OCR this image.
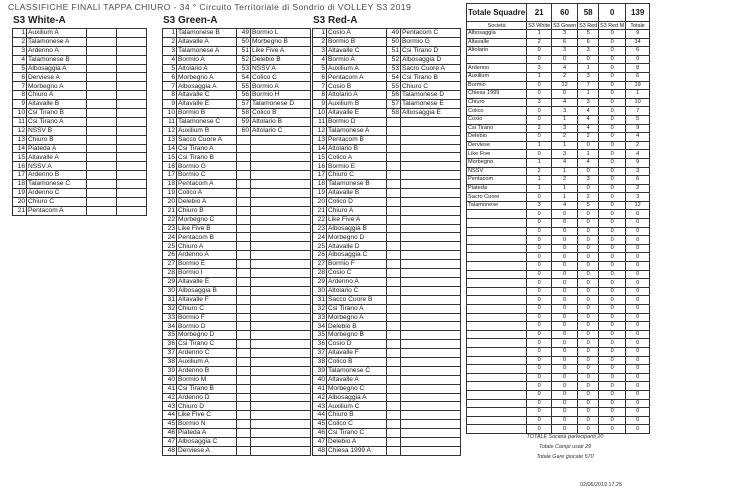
CLASSIFICHE FINALI TAPPA CHIURO - 34 ° Circuito Territoriale di Sondrio di VOLLEY S3 2019
S3 White-A	S3 Green-A	S3 Red-A
1	Auxilium A		
2	Talamonese A		
3	Ardenno A		
4	Talamonese B		
5	Albosaggia A		
6	Derviese A		
7	Morbegno A		
8	Chiuro A		
9	Altavalle B		
10	Csi Tirano B		
11	Csi Tirano A		
12	NSSV B		
13	Chiuro B		
14	Piateda A		
15	Altavalle A		
16	NSSV A		
17	Ardenno B		
18	Talamonese C		
19	Ardenno C		
20	Chiuro C		
21	Pentacom A		
1	Talamonese B	49	Bormio L
2	Altavalle A	50	Morbegno B
3	Talamonese A	51	Like Five A
4	Bormio A	52	Delebio B
5	Altolario A	53	NSSV A
6	Morbegno A	54	Colico C
7	Albosaggia A	55	Bormio A
8	Altavalle C	56	Bormio H
9	Altavalle E	57	Talamonese D
10	Bormio B	58	Colico B
11	Talamonese C	59	Altolario B
12	Auxilium B	60	Altolario C
13	Sacco Cuore A		
14	Csi Tirano A		
15	Csi Tirano B		
16	Bormio G		
17	Bormio C		
18	Pentacom A		
19	Colico A		
20	Delebio A		
21	Chiuro B		
22	Morbegno C		
23	Like Five B		
24	Pentacom B		
25	Chiuro A		
26	Ardenno A		
27	Bormio E		
28	Bormio I		
29	Altavalle E		
30	Albosaggia B		
31	Altavalle F		
32	Chiuro C		
33	Bormio F		
34	Bormio D		
35	Morbegno D		
36	Csi Tirano C		
37	Ardenno C		
38	Auxilium A		
39	Ardenno B		
40	Bormio M		
41	Csi Tirano B		
42	Ardenno D		
43	Chiuro D		
44	Like Five C		
45	Bormio N		
46	Piateda A		
47	Albosaggia C		
48	Derviese A		
1	Cosio A	49	Pentacom C
2	Bormio B	50	Bormio G
3	Altavalle C	51	Csi Tirano D
4	Bormio A	52	Albosaggia D
5	Auxilium A	53	Sacro Cuore A
6	Pentacom A	54	Csi Tirano B
7	Cosio B	55	Chiuro C
8	Altolario A	56	Talamonese D
9	Auxilium B	57	Talamonese E
10	Altavalle E	58	Albosaggia E
11	Bormio D		
12	Talamonese A		
13	Pentacom B		
14	Altolario B		
15	Colico A		
16	Bormio E		
17	Chiuro C		
18	Talamonese B		
19	Altavalle B		
20	Colico D		
21	Chiuro A		
22	Like Five A		
23	Albosaggia B		
24	Morbegno D		
25	Altavalle D		
26	Albosaggia C		
27	Bormio F		
28	Cosio C		
29	Ardenno A		
30	Altolario C		
31	Sacco Cuore B		
32	Csi Tirano A		
33	Morbegno A		
34	Delebio B		
35	Morbegno B		
36	Cosio D		
37	Altavalle F		
38	Colico B		
39	Talamonese C		
40	Altavalle A		
41	Morbegno C		
42	Albosaggia A		
43	Auxilium C		
44	Chiuro B		
45	Colico C		
46	Csi Tirano C		
47	Delebio A		
48	Chiesa 1999 A		
Totale Squadre	21	60	58	0	139
Società	S3 White	S3 Green	S3 Red	S3 Red M	Totale
Albosaggia	1	3	5	0	9
Altavalle	2	6	6	0	14
Altolario	0	3	3	0	6
	0	0	0	0	0
Ardenno	3	4	1	0	8
Auxilium	1	2	3	0	6
Bormio	0	12	7	0	19
Chiesa 1999	0	0	1	0	1
Chiuro	3	4	3	0	10
Colico	0	3	4	0	7
Cosio	0	1	4	0	5
Csi Tirano	2	3	4	0	9
Delebio	0	2	2	0	4
Derviese	1	1	0	0	2
Like Five	0	3	1	0	4
Morbegno	1	4	4	0	9
NSSV	2	1	0	0	3
Pentacom	1	2	3	0	6
Piateda	1	1	0	0	2
Sacro Cuore	0	1	2	0	3
Talamonese	3	4	5	0	12
	0	0	0	0	0
	0	0	0	0	0
	0	0	0	0	0
	0	0	0	0	0
	0	0	0	0	0
	0	0	0	0	0
	0	0	0	0	0
	0	0	0	0	0
	0	0	0	0	0
	0	0	0	0	0
	0	0	0	0	0
	0	0	0	0	0
	0	0	0	0	0
	0	0	0	0	0
	0	0	0	0	0
	0	0	0	0	0
	0	0	0	0	0
	0	0	0	0	0
	0	0	0	0	0
	0	0	0	0	0
	0	0	0	0	0
	0	0	0	0	0
	0	0	0	0	0
	0	0	0	0	0
	0	0	0	0	0
	0	0	0	0	0
TOTALE Società partecipanti 20
Totale Campi usati 29
Totale Gare giocate 570
02/06/2019 17.25
